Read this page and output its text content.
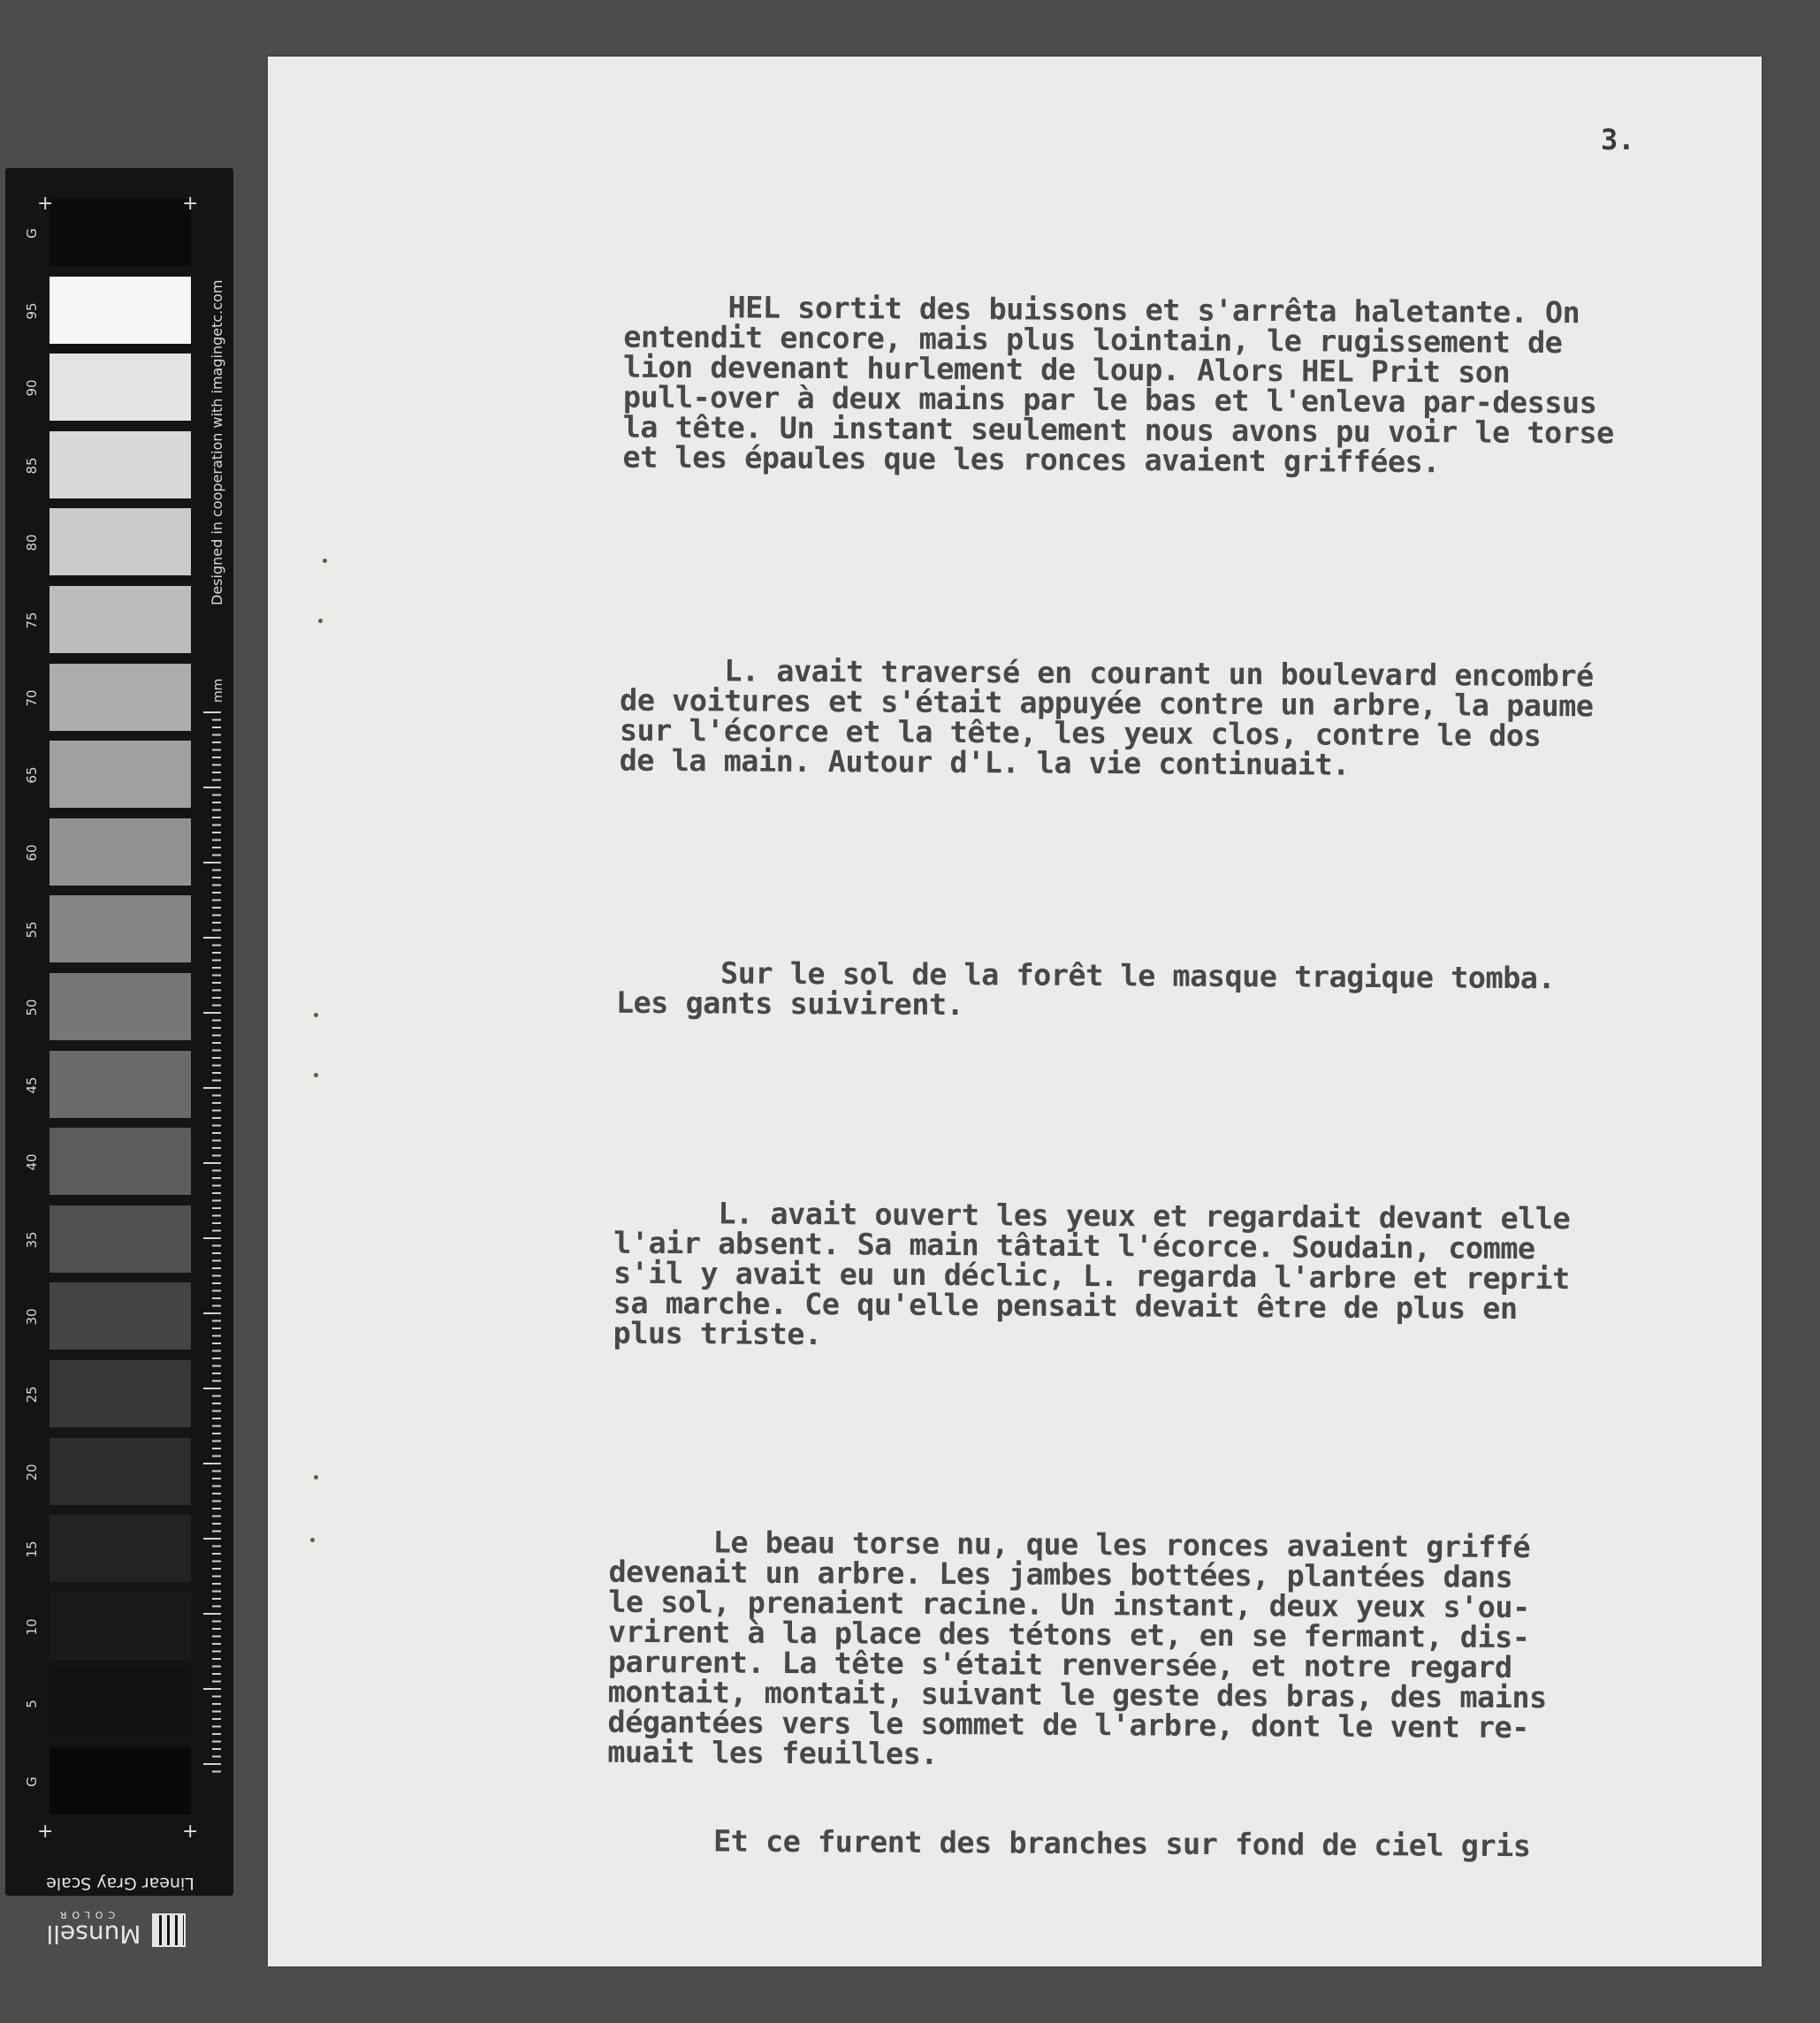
G
95
90
85
80
75
70
65
60
55
50
45
40
35
30
25
20
15
10
5
G
+	+
+	+
Designed in cooperation with imagingetc.com
mm
Linear Gray Scale
COLOR
Munsell
3.
HEL sortit des buissons et s'arrêta haletante. On
entendit encore, mais plus lointain, le rugissement de
lion devenant hurlement de loup. Alors HEL Prit son
pull-over à deux mains par le bas et l'enleva par-dessus
la tête. Un instant seulement nous avons pu voir le torse
et les épaules que les ronces avaient griffées.
L. avait traversé en courant un boulevard encombré
de voitures et s'était appuyée contre un arbre, la paume
sur l'écorce et la tête, les yeux clos, contre le dos
de la main. Autour d'L. la vie continuait.
Sur le sol de la forêt le masque tragique tomba.
Les gants suivirent.
L. avait ouvert les yeux et regardait devant elle
l'air absent. Sa main tâtait l'écorce. Soudain, comme
s'il y avait eu un déclic, L. regarda l'arbre et reprit
sa marche. Ce qu'elle pensait devait être de plus en
plus triste.
Le beau torse nu, que les ronces avaient griffé
devenait un arbre. Les jambes bottées, plantées dans
le sol, prenaient racine. Un instant, deux yeux s'ou-
vrirent à la place des tétons et, en se fermant, dis-
parurent. La tête s'était renversée, et notre regard
montait, montait, suivant le geste des bras, des mains
dégantées vers le sommet de l'arbre, dont le vent re-
muait les feuilles.
Et ce furent des branches sur fond de ciel gris
